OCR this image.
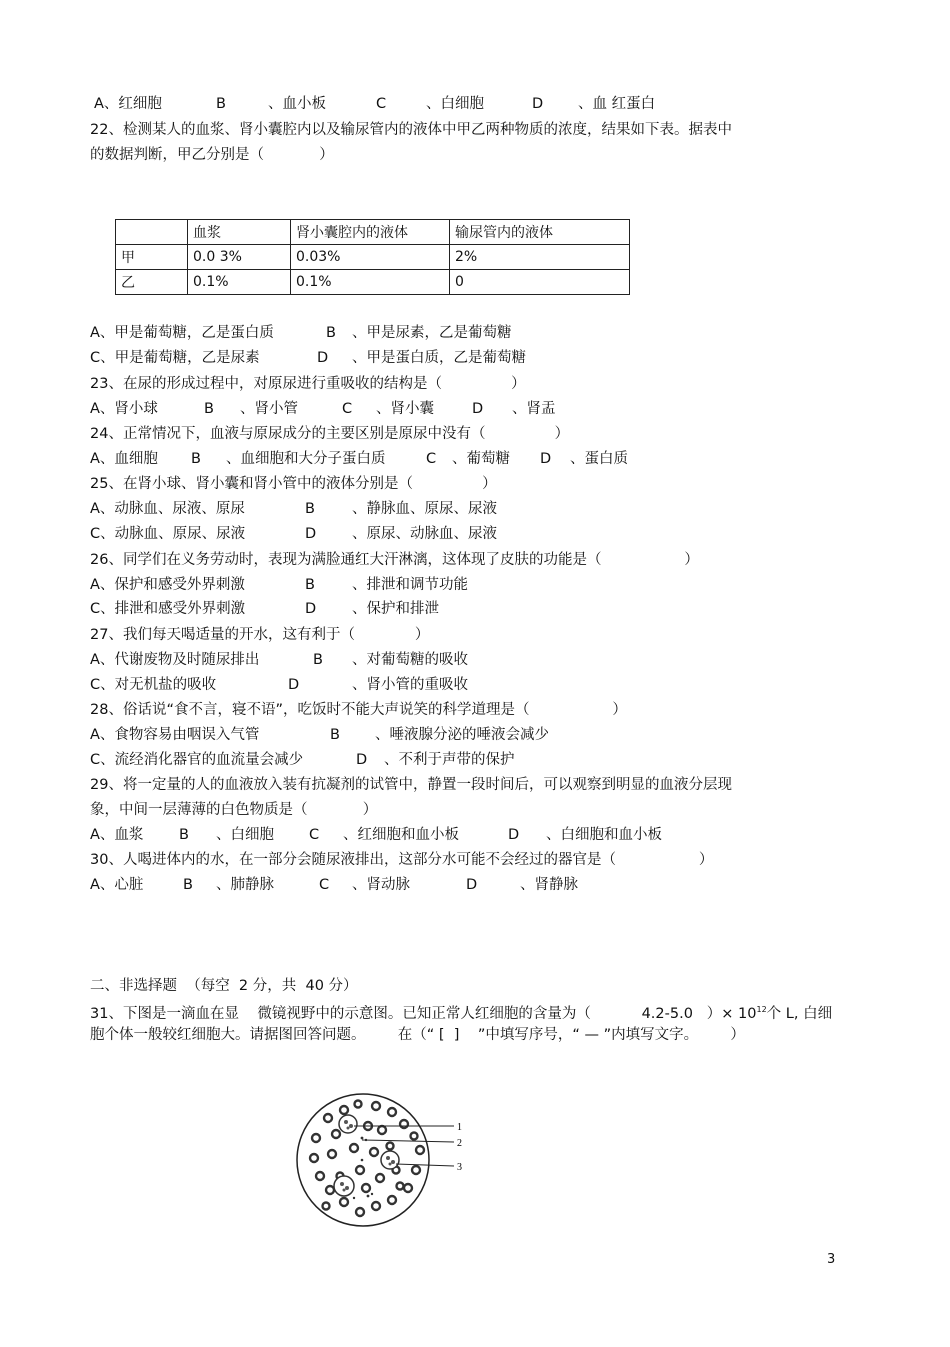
A、红细胞

	B

	、血小板

	C

	、白细胞

	D

、血 红蛋白

22、检测某人的血浆、肾小囊腔内以及输尿管内的液体中甲乙两种物质的浓度，结果如下表。据表中
的数据判断，甲乙分别是（            ）
	血浆	肾小囊腔内的液体	输尿管内的液体
甲	0.0 3%	0.03%	2%
乙	0.1%	0.1%	0

A、甲是葡萄糖，乙是蛋白质

	B

、甲是尿素，乙是葡萄糖

C、甲是葡萄糖，乙是尿素

	D

、甲是蛋白质，乙是葡萄糖

23、在尿的形成过程中，对原尿进行重吸收的结构是（               ）

A、肾小球

	B

、肾小管

	C

、肾小囊

	D

、肾盂

24、正常情况下，血液与原尿成分的主要区别是原尿中没有（               ）

A、血细胞

B

、血细胞和大分子蛋白质

	C

、葡萄糖

D

、蛋白质

25、在肾小球、肾小囊和肾小管中的液体分别是（               ）

A、动脉血、尿液、原尿

	B

	、静脉血、原尿、尿液

C、动脉血、原尿、尿液

	D

、原尿、动脉血、尿液

26、同学们在义务劳动时，表现为满脸通红大汗淋漓，这体现了皮肤的功能是（                  ）

A、保护和感受外界刺激

	B

	、排泄和调节功能

C、排泄和感受外界刺激

	D

、保护和排泄

27、我们每天喝适量的开水，这有利于（             ）

A、代谢废物及时随尿排出

	B

、对葡萄糖的吸收

C、对无机盐的吸收

	D

	、肾小管的重吸收

28、俗话说“食不言，寝不语”，吃饭时不能大声说笑的科学道理是（                  ）

A、食物容易由咽误入气管

	B

、唾液腺分泌的唾液会减少

C、流经消化器官的血流量会减少

	D

、不利于声带的保护

29、将一定量的人的血液放入装有抗凝剂的试管中，静置一段时间后，可以观察到明显的血液分层现
象，中间一层薄薄的白色物质是（            ）

A、血浆

B

、白细胞

C

、红细胞和血小板

	D

、白细胞和血小板

30、人喝进体内的水，在一部分会随尿液排出，这部分水可能不会经过的器官是（                  ）

A、心脏

	B

、肺静脉

	C

、肾动脉

	D

	、肾静脉

二、非选择题  （每空  2 分，共  40 分）
31、下图是一滴血在显    微镜视野中的示意图。已知正常人红细胞的含量为（           4.2-5.0   ）× $10^{12}$个 L, 白细
胞个体一般较红细胞大。请据图回答问题。       在（“ [  ]    ”中填写序号，“ — ”内填写文字。       ）
1
2
3
3
